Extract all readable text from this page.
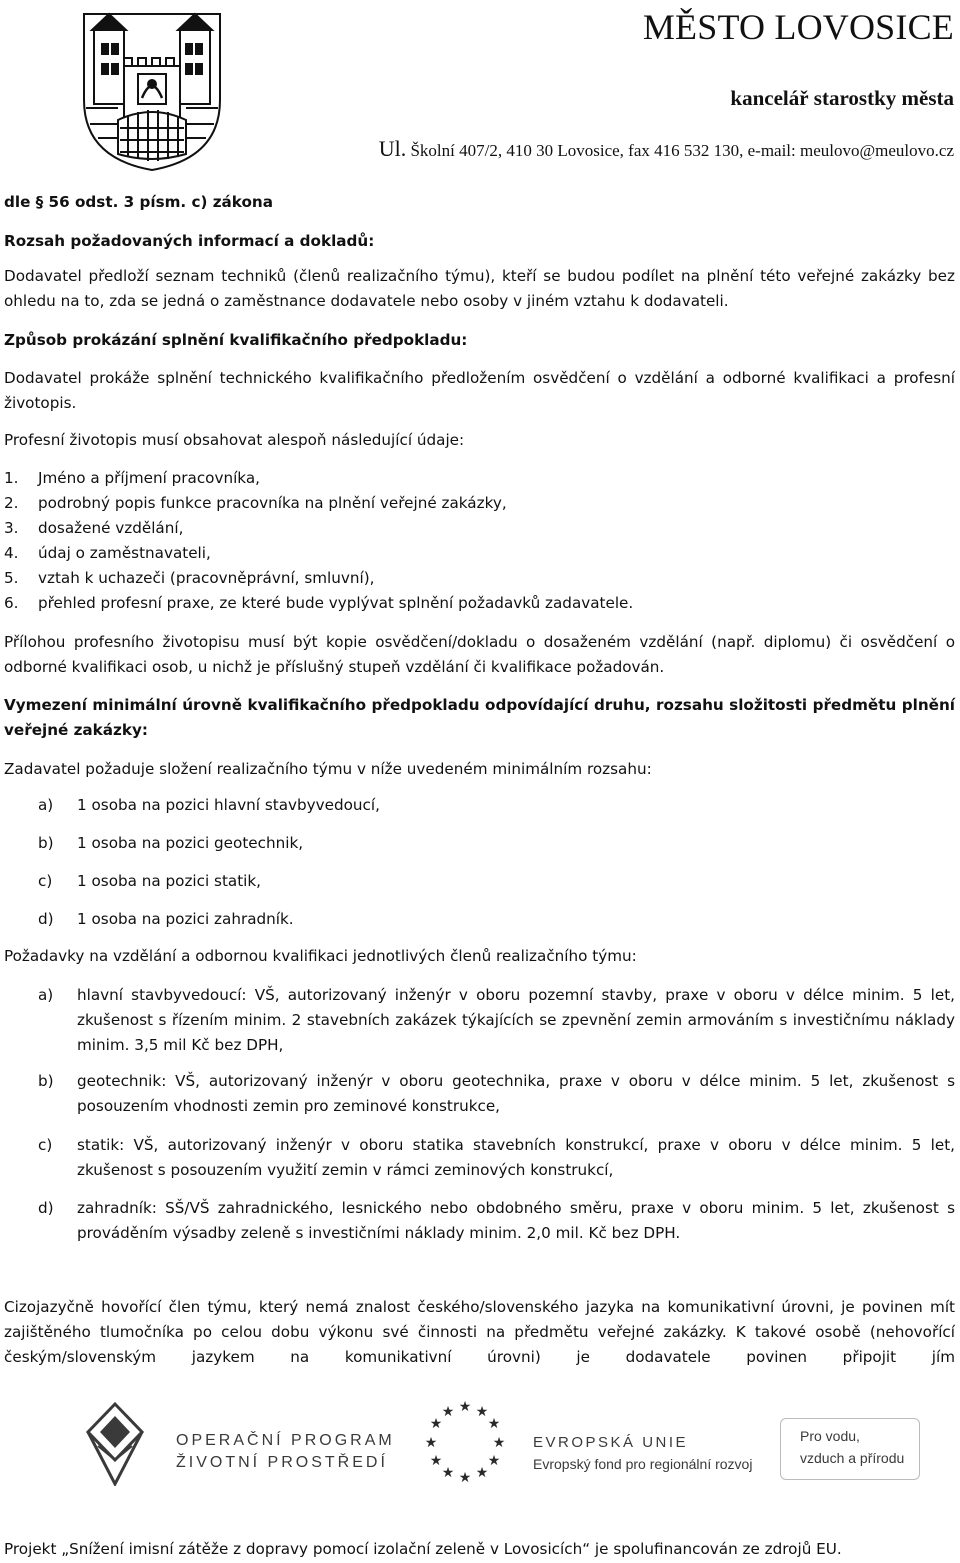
MĚSTO LOVOSICE
kancelář starostky města
Ul. Školní 407/2, 410 30 Lovosice, fax 416 532 130, e-mail: meulovo@meulovo.cz
dle § 56 odst. 3 písm. c) zákona
Rozsah požadovaných informací a dokladů:
Dodavatel předloží seznam techniků (členů realizačního týmu), kteří se budou podílet na plnění této veřejné zakázky bez ohledu na to, zda se jedná o zaměstnance dodavatele nebo osoby v jiném vztahu k dodavateli.
Způsob prokázání splnění kvalifikačního předpokladu:
Dodavatel prokáže splnění technického kvalifikačního předložením osvědčení o vzdělání a odborné kvalifikaci a profesní životopis.
Profesní životopis musí obsahovat alespoň následující údaje:
1. Jméno a příjmení pracovníka,
2. podrobný popis funkce pracovníka na plnění veřejné zakázky,
3. dosažené vzdělání,
4. údaj o zaměstnavateli,
5. vztah k uchazeči (pracovněprávní, smluvní),
6. přehled profesní praxe, ze které bude vyplývat splnění požadavků zadavatele.
Přílohou profesního životopisu musí být kopie osvědčení/dokladu o dosaženém vzdělání (např. diplomu) či osvědčení o odborné kvalifikaci osob, u nichž je příslušný stupeň vzdělání či kvalifikace požadován.
Vymezení minimální úrovně kvalifikačního předpokladu odpovídající druhu, rozsahu složitosti předmětu plnění veřejné zakázky:
Zadavatel požaduje složení realizačního týmu v níže uvedeném minimálním rozsahu:
a) 1 osoba na pozici hlavní stavbyvedoucí,
b) 1 osoba na pozici geotechnik,
c) 1 osoba na pozici statik,
d) 1 osoba na pozici zahradník.
Požadavky na vzdělání a odbornou kvalifikaci jednotlivých členů realizačního týmu:
a) hlavní stavbyvedoucí: VŠ, autorizovaný inženýr v oboru pozemní stavby, praxe v oboru v délce minim. 5 let, zkušenost s řízením minim. 2 stavebních zakázek týkajících se zpevnění zemin armováním s investičnímu náklady minim. 3,5 mil Kč bez DPH,
b) geotechnik: VŠ, autorizovaný inženýr v oboru geotechnika, praxe v oboru v délce minim. 5 let, zkušenost s posouzením vhodnosti zemin pro zeminové konstrukce,
c) statik: VŠ, autorizovaný inženýr v oboru statika stavebních konstrukcí, praxe v oboru v délce minim. 5 let, zkušenost s posouzením využití zemin v rámci zeminových konstrukcí,
d) zahradník: SŠ/VŠ zahradnického, lesnického nebo obdobného směru, praxe v oboru minim. 5 let, zkušenost s prováděním výsadby zeleně s investičními náklady minim. 2,0 mil. Kč bez DPH.
Cizojazyčně hovořící člen týmu, který nemá znalost českého/slovenského jazyka na komunikativní úrovni, je povinen mít zajištěného tlumočníka po celou dobu výkonu své činnosti na předmětu veřejné zakázky. K takové osobě (nehovořící českým/slovenským jazykem na komunikativní úrovni) je dodavatele povinen připojit jím
OPERAČNÍ PROGRAM
ŽIVOTNÍ PROSTŘEDÍ
★ ★
★
★
★
★
★
★
★
★
★
★
EVROPSKÁ UNIE
Evropský fond pro regionální rozvoj
Pro vodu,
vzduch a přírodu
Projekt „Snížení imisní zátěže z dopravy pomocí izolační zeleně v Lovosicích“ je spolufinancován ze zdrojů EU.
